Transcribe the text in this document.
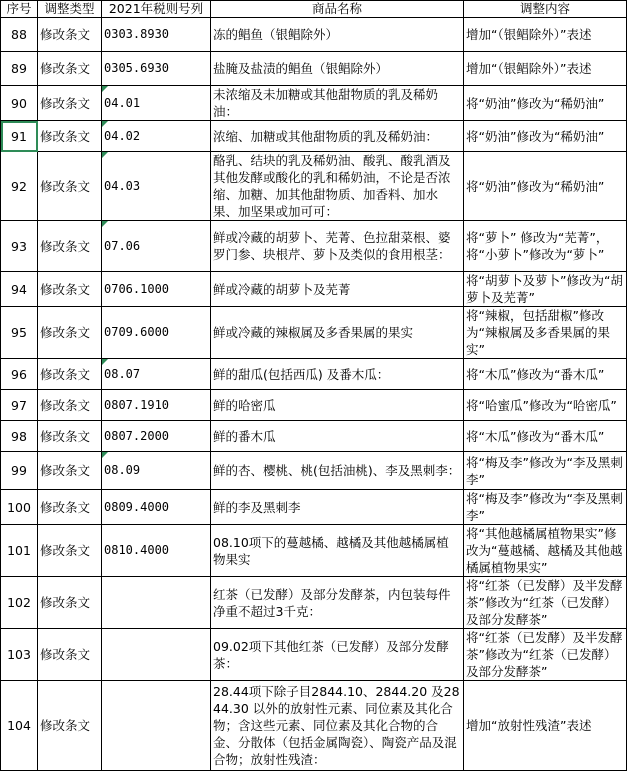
序号	调整类型	2021年税则号列	商品名称	调整内容
88	修改条文	0303.8930	冻的鲳鱼（银鲳除外）	增加“（银鲳除外）”表述
89	修改条文	0305.6930	盐腌及盐渍的鲳鱼（银鲳除外）	增加“（银鲳除外）”表述
90	修改条文	04.01	未浓缩及未加糖或其他甜物质的乳及稀奶油：	将“奶油”修改为“稀奶油”
91	修改条文	04.02	浓缩、加糖或其他甜物质的乳及稀奶油：	将“奶油”修改为“稀奶油”
92	修改条文	04.03	酪乳、结块的乳及稀奶油、酸乳、酸乳酒及其他发酵或酸化的乳和稀奶油，不论是否浓缩、加糖、加其他甜物质、加香料、加水果、加坚果或加可可：	将“奶油”修改为“稀奶油”
93	修改条文	07.06	鲜或冷藏的胡萝卜、芜菁、色拉甜菜根、婆罗门参、块根芹、萝卜及类似的食用根茎：	将“萝卜” 修改为“芜菁”，将“小萝卜”修改为“萝卜”
94	修改条文	0706.1000	鲜或冷藏的胡萝卜及芜菁	将“胡萝卜及萝卜”修改为“胡萝卜及芜菁”
95	修改条文	0709.6000	鲜或冷藏的辣椒属及多香果属的果实	将“辣椒，包括甜椒”修改为“辣椒属及多香果属的果实”
96	修改条文	08.07	鲜的甜瓜(包括西瓜) 及番木瓜：	将“木瓜”修改为“番木瓜”
97	修改条文	0807.1910	鲜的哈密瓜	将“哈蜜瓜”修改为“哈密瓜”
98	修改条文	0807.2000	鲜的番木瓜	将“木瓜”修改为“番木瓜”
99	修改条文	08.09	鲜的杏、樱桃、桃(包括油桃)、李及黑刺李：	将“梅及李”修改为“李及黑刺李”
100	修改条文	0809.4000	鲜的李及黑刺李	将“梅及李”修改为“李及黑刺李”
101	修改条文	0810.4000	08.10项下的蔓越橘、越橘及其他越橘属植物果实	将“其他越橘属植物果实”修改为“蔓越橘、越橘及其他越橘属植物果实”
102	修改条文		红茶（已发酵）及部分发酵茶，内包装每件净重不超过3千克：	将“红茶（已发酵）及半发酵茶”修改为“红茶（已发酵）及部分发酵茶”
103	修改条文		09.02项下其他红茶（已发酵）及部分发酵茶：	将“红茶（已发酵）及半发酵茶”修改为“红茶（已发酵）及部分发酵茶”
104	修改条文		28.44项下除子目2844.10、2844.20 及2844.30 以外的放射性元素、同位素及其化合物；含这些元素、同位素及其化合物的合金、分散体（包括金属陶瓷）、陶瓷产品及混合物；放射性残渣：	增加“放射性残渣”表述
